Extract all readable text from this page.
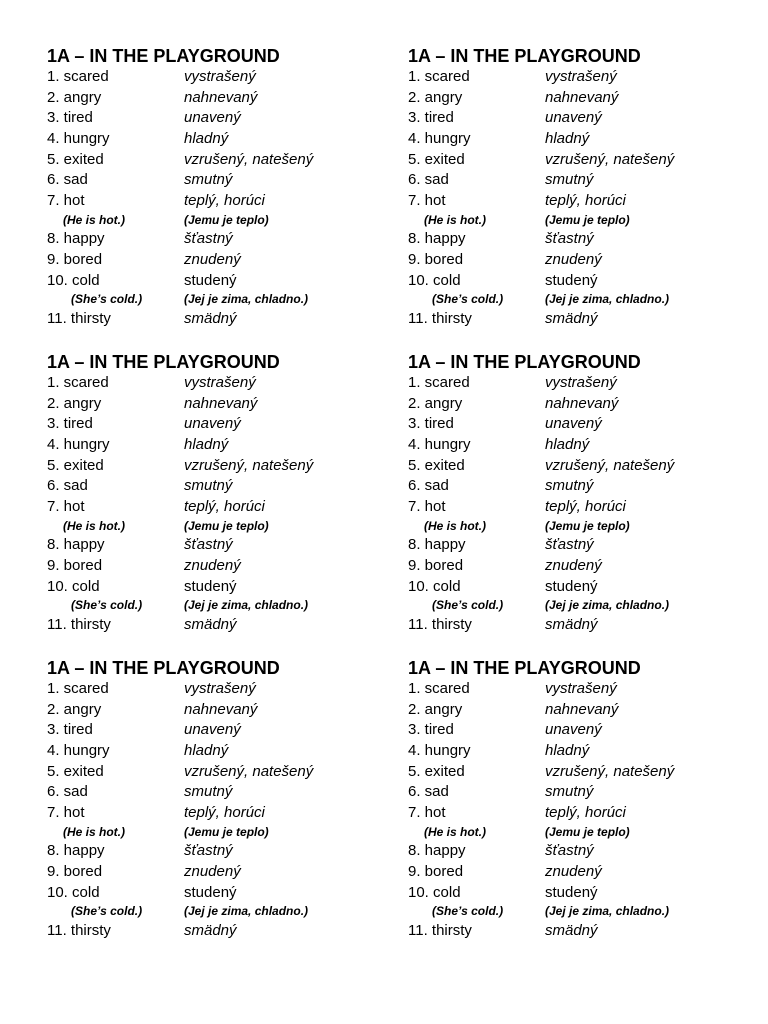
1A – IN THE PLAYGROUND
1. scared	vystrašený
2. angry	nahnevaný
3. tired	unavený
4. hungry	hladný
5. exited	vzrušený, natešený
6. sad	smutný
7. hot	teplý, horúci
(He is hot.)	(Jemu je teplo)
8. happy	šťastný
9. bored	znudený
10. cold	studený
(She’s cold.)	(Jej je zima, chladno.)
11. thirsty	smädný
1A – IN THE PLAYGROUND
1. scared	vystrašený
2. angry	nahnevaný
3. tired	unavený
4. hungry	hladný
5. exited	vzrušený, natešený
6. sad	smutný
7. hot	teplý, horúci
(He is hot.)	(Jemu je teplo)
8. happy	šťastný
9. bored	znudený
10. cold	studený
(She’s cold.)	(Jej je zima, chladno.)
11. thirsty	smädný
1A – IN THE PLAYGROUND
1. scared	vystrašený
2. angry	nahnevaný
3. tired	unavený
4. hungry	hladný
5. exited	vzrušený, natešený
6. sad	smutný
7. hot	teplý, horúci
(He is hot.)	(Jemu je teplo)
8. happy	šťastný
9. bored	znudený
10. cold	studený
(She’s cold.)	(Jej je zima, chladno.)
11. thirsty	smädný
1A – IN THE PLAYGROUND
1. scared	vystrašený
2. angry	nahnevaný
3. tired	unavený
4. hungry	hladný
5. exited	vzrušený, natešený
6. sad	smutný
7. hot	teplý, horúci
(He is hot.)	(Jemu je teplo)
8. happy	šťastný
9. bored	znudený
10. cold	studený
(She’s cold.)	(Jej je zima, chladno.)
11. thirsty	smädný
1A – IN THE PLAYGROUND
1. scared	vystrašený
2. angry	nahnevaný
3. tired	unavený
4. hungry	hladný
5. exited	vzrušený, natešený
6. sad	smutný
7. hot	teplý, horúci
(He is hot.)	(Jemu je teplo)
8. happy	šťastný
9. bored	znudený
10. cold	studený
(She’s cold.)	(Jej je zima, chladno.)
11. thirsty	smädný
1A – IN THE PLAYGROUND
1. scared	vystrašený
2. angry	nahnevaný
3. tired	unavený
4. hungry	hladný
5. exited	vzrušený, natešený
6. sad	smutný
7. hot	teplý, horúci
(He is hot.)	(Jemu je teplo)
8. happy	šťastný
9. bored	znudený
10. cold	studený
(She’s cold.)	(Jej je zima, chladno.)
11. thirsty	smädný
